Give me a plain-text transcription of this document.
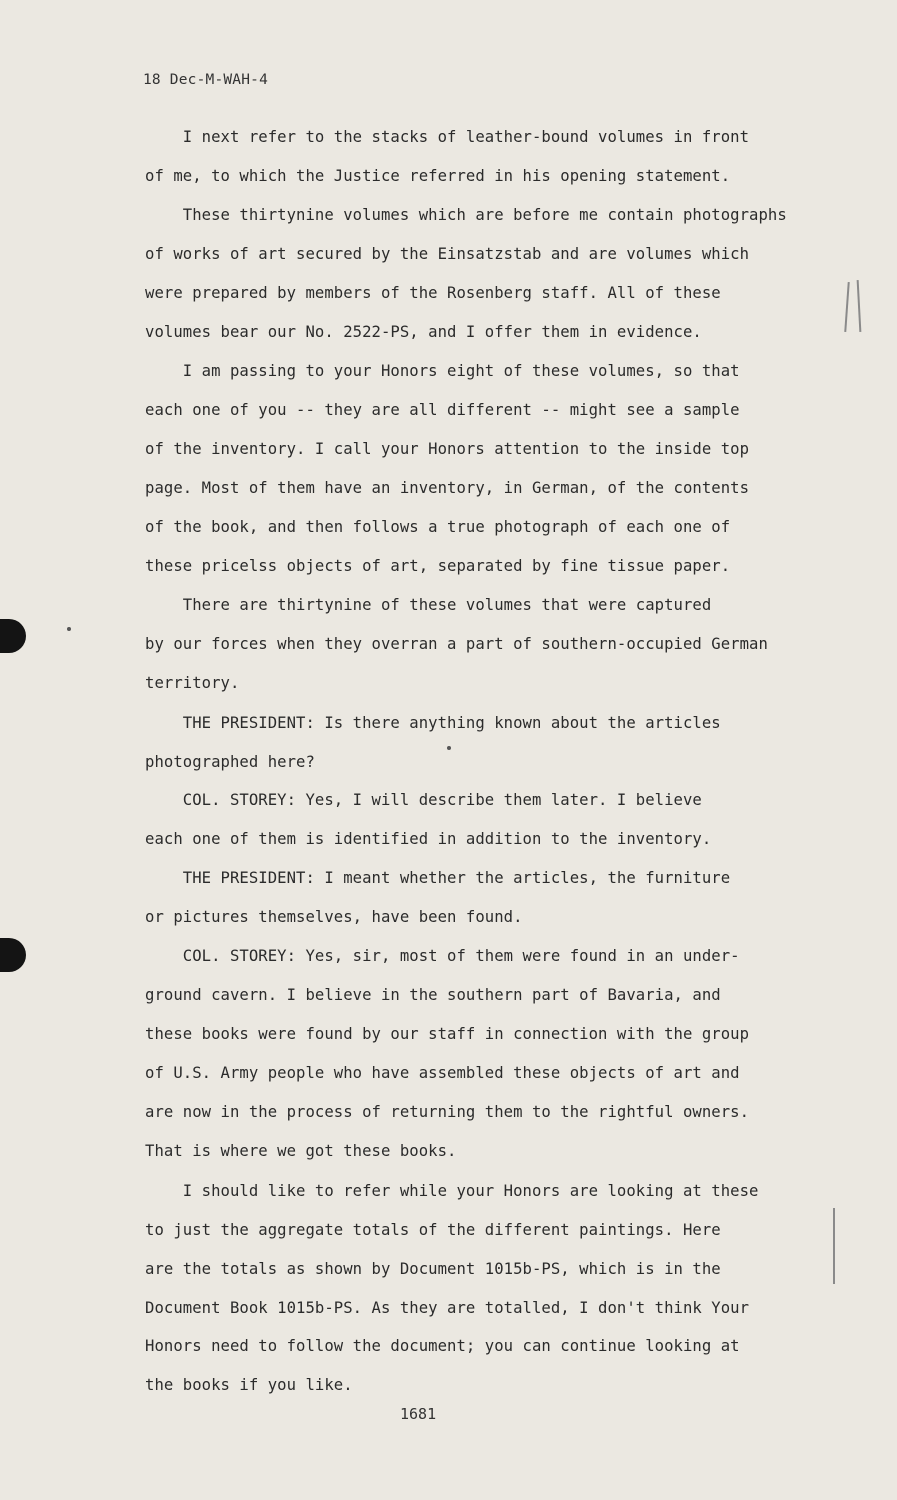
18 Dec-M-WAH-4
I next refer to the stacks of leather-bound volumes in front
of me, to which the Justice referred in his opening statement.
These thirtynine volumes which are before me contain photographs
of works of art secured by the Einsatzstab and are volumes which
were prepared by members of the Rosenberg staff. All of these
volumes bear our No. 2522-PS, and I offer them in evidence.
I am passing to your Honors eight of these volumes, so that
each one of you -- they are all different -- might see a sample
of the inventory. I call your Honors attention to the inside top
page. Most of them have an inventory, in German, of the contents
of the book, and then follows a true photograph of each one of
these pricelss objects of art, separated by fine tissue paper.
There are thirtynine of these volumes that were captured
by our forces when they overran a part of southern-occupied German
territory.
THE PRESIDENT: Is there anything known about the articles
photographed here?
COL. STOREY: Yes, I will describe them later. I believe
each one of them is identified in addition to the inventory.
THE PRESIDENT: I meant whether the articles, the furniture
or pictures themselves, have been found.
COL. STOREY: Yes, sir, most of them were found in an under-
ground cavern. I believe in the southern part of Bavaria, and
these books were found by our staff in connection with the group
of U.S. Army people who have assembled these objects of art and
are now in the process of returning them to the rightful owners.
That is where we got these books.
I should like to refer while your Honors are looking at these
to just the aggregate totals of the different paintings. Here
are the totals as shown by Document 1015b-PS, which is in the
Document Book 1015b-PS. As they are totalled, I don't think Your
Honors need to follow the document; you can continue looking at
the books if you like.
1681
